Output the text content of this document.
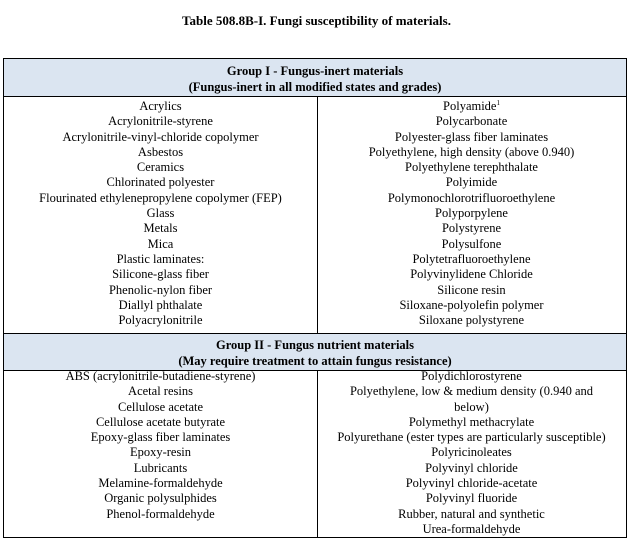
Table 508.8B-I. Fungi susceptibility of materials.
Group I - Fungus-inert materials
(Fungus-inert in all modified states and grades)
Acrylics
Acrylonitrile-styrene
Acrylonitrile-vinyl-chloride copolymer
Asbestos
Ceramics
Chlorinated polyester
Flourinated ethylenepropylene copolymer (FEP)
Glass
Metals
Mica
Plastic laminates:
Silicone-glass fiber
Phenolic-nylon fiber
Diallyl phthalate
Polyacrylonitrile
Polyamide$^1$
Polycarbonate
Polyester-glass fiber laminates
Polyethylene, high density (above 0.940)
Polyethylene terephthalate
Polyimide
Polymonochlorotrifluoroethylene
Polyporpylene
Polystyrene
Polysulfone
Polytetrafluoroethylene
Polyvinylidene Chloride
Silicone resin
Siloxane-polyolefin polymer
Siloxane polystyrene
Group II - Fungus nutrient materials
(May require treatment to attain fungus resistance)
ABS (acrylonitrile-butadiene-styrene)
Acetal resins
Cellulose acetate
Cellulose acetate butyrate
Epoxy-glass fiber laminates
Epoxy-resin
Lubricants
Melamine-formaldehyde
Organic polysulphides
Phenol-formaldehyde
Polydichlorostyrene
Polyethylene, low & medium density (0.940 and below)
Polymethyl methacrylate
Polyurethane (ester types are particularly susceptible)
Polyricinoleates
Polyvinyl chloride
Polyvinyl chloride-acetate
Polyvinyl fluoride
Rubber, natural and synthetic
Urea-formaldehyde
